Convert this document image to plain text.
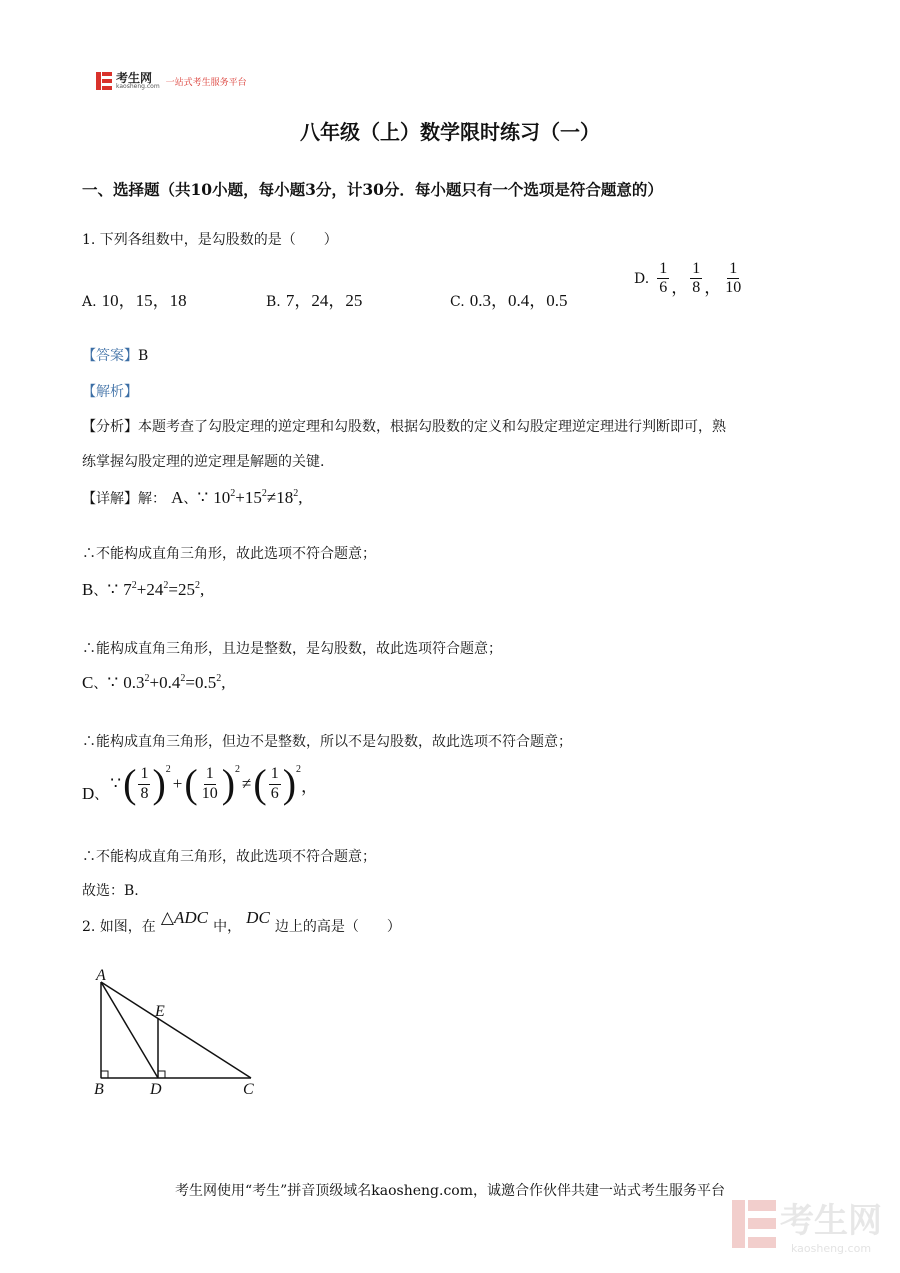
考生网
kaosheng.com 一站式考生服务平台
八年级（上）数学限时练习（一）
一、选择题（共10小题，每小题3分，计30分．每小题只有一个选项是符合题意的）
1. 下列各组数中，是勾股数的是（　　）
A. 10，15，18	B. 7，24，25	C. 0.3，0.4，0.5
D. $\frac{1}{6}$ ， $\frac{1}{8}$ ， $\frac{1}{10}$
【答案】B
【解析】
【分析】本题考查了勾股定理的逆定理和勾股数，根据勾股数的定义和勾股定理逆定理进行判断即可，熟
练掌握勾股定理的逆定理是解题的关键.
【详解】解： A、∵ $10^2+15^2\ne 18^2$,
∴不能构成直角三角形，故此选项不符合题意；
B、∵ $7^2+24^2=25^2$,
∴能构成直角三角形，且边是整数，是勾股数，故此选项符合题意；
C、∵ $0.3^2+0.4^2=0.5^2$,
∴能构成直角三角形，但边不是整数，所以不是勾股数，故此选项不符合题意；
D 、
∵ ( $\frac{1}{8} )^2$
+ ( $\frac{1}{10} )^2$
≠ ( $\frac{1}{6} )^2$
，
∴不能构成直角三角形，故此选项不符合题意；
故选：B.
2. 如图，在 △ADC 中， DC 边上的高是（　　）
A
B	D	C
E
考生网使用“考生”拼音顶级域名kaosheng.com，诚邀合作伙伴共建一站式考生服务平台
考生网
kaosheng.com
